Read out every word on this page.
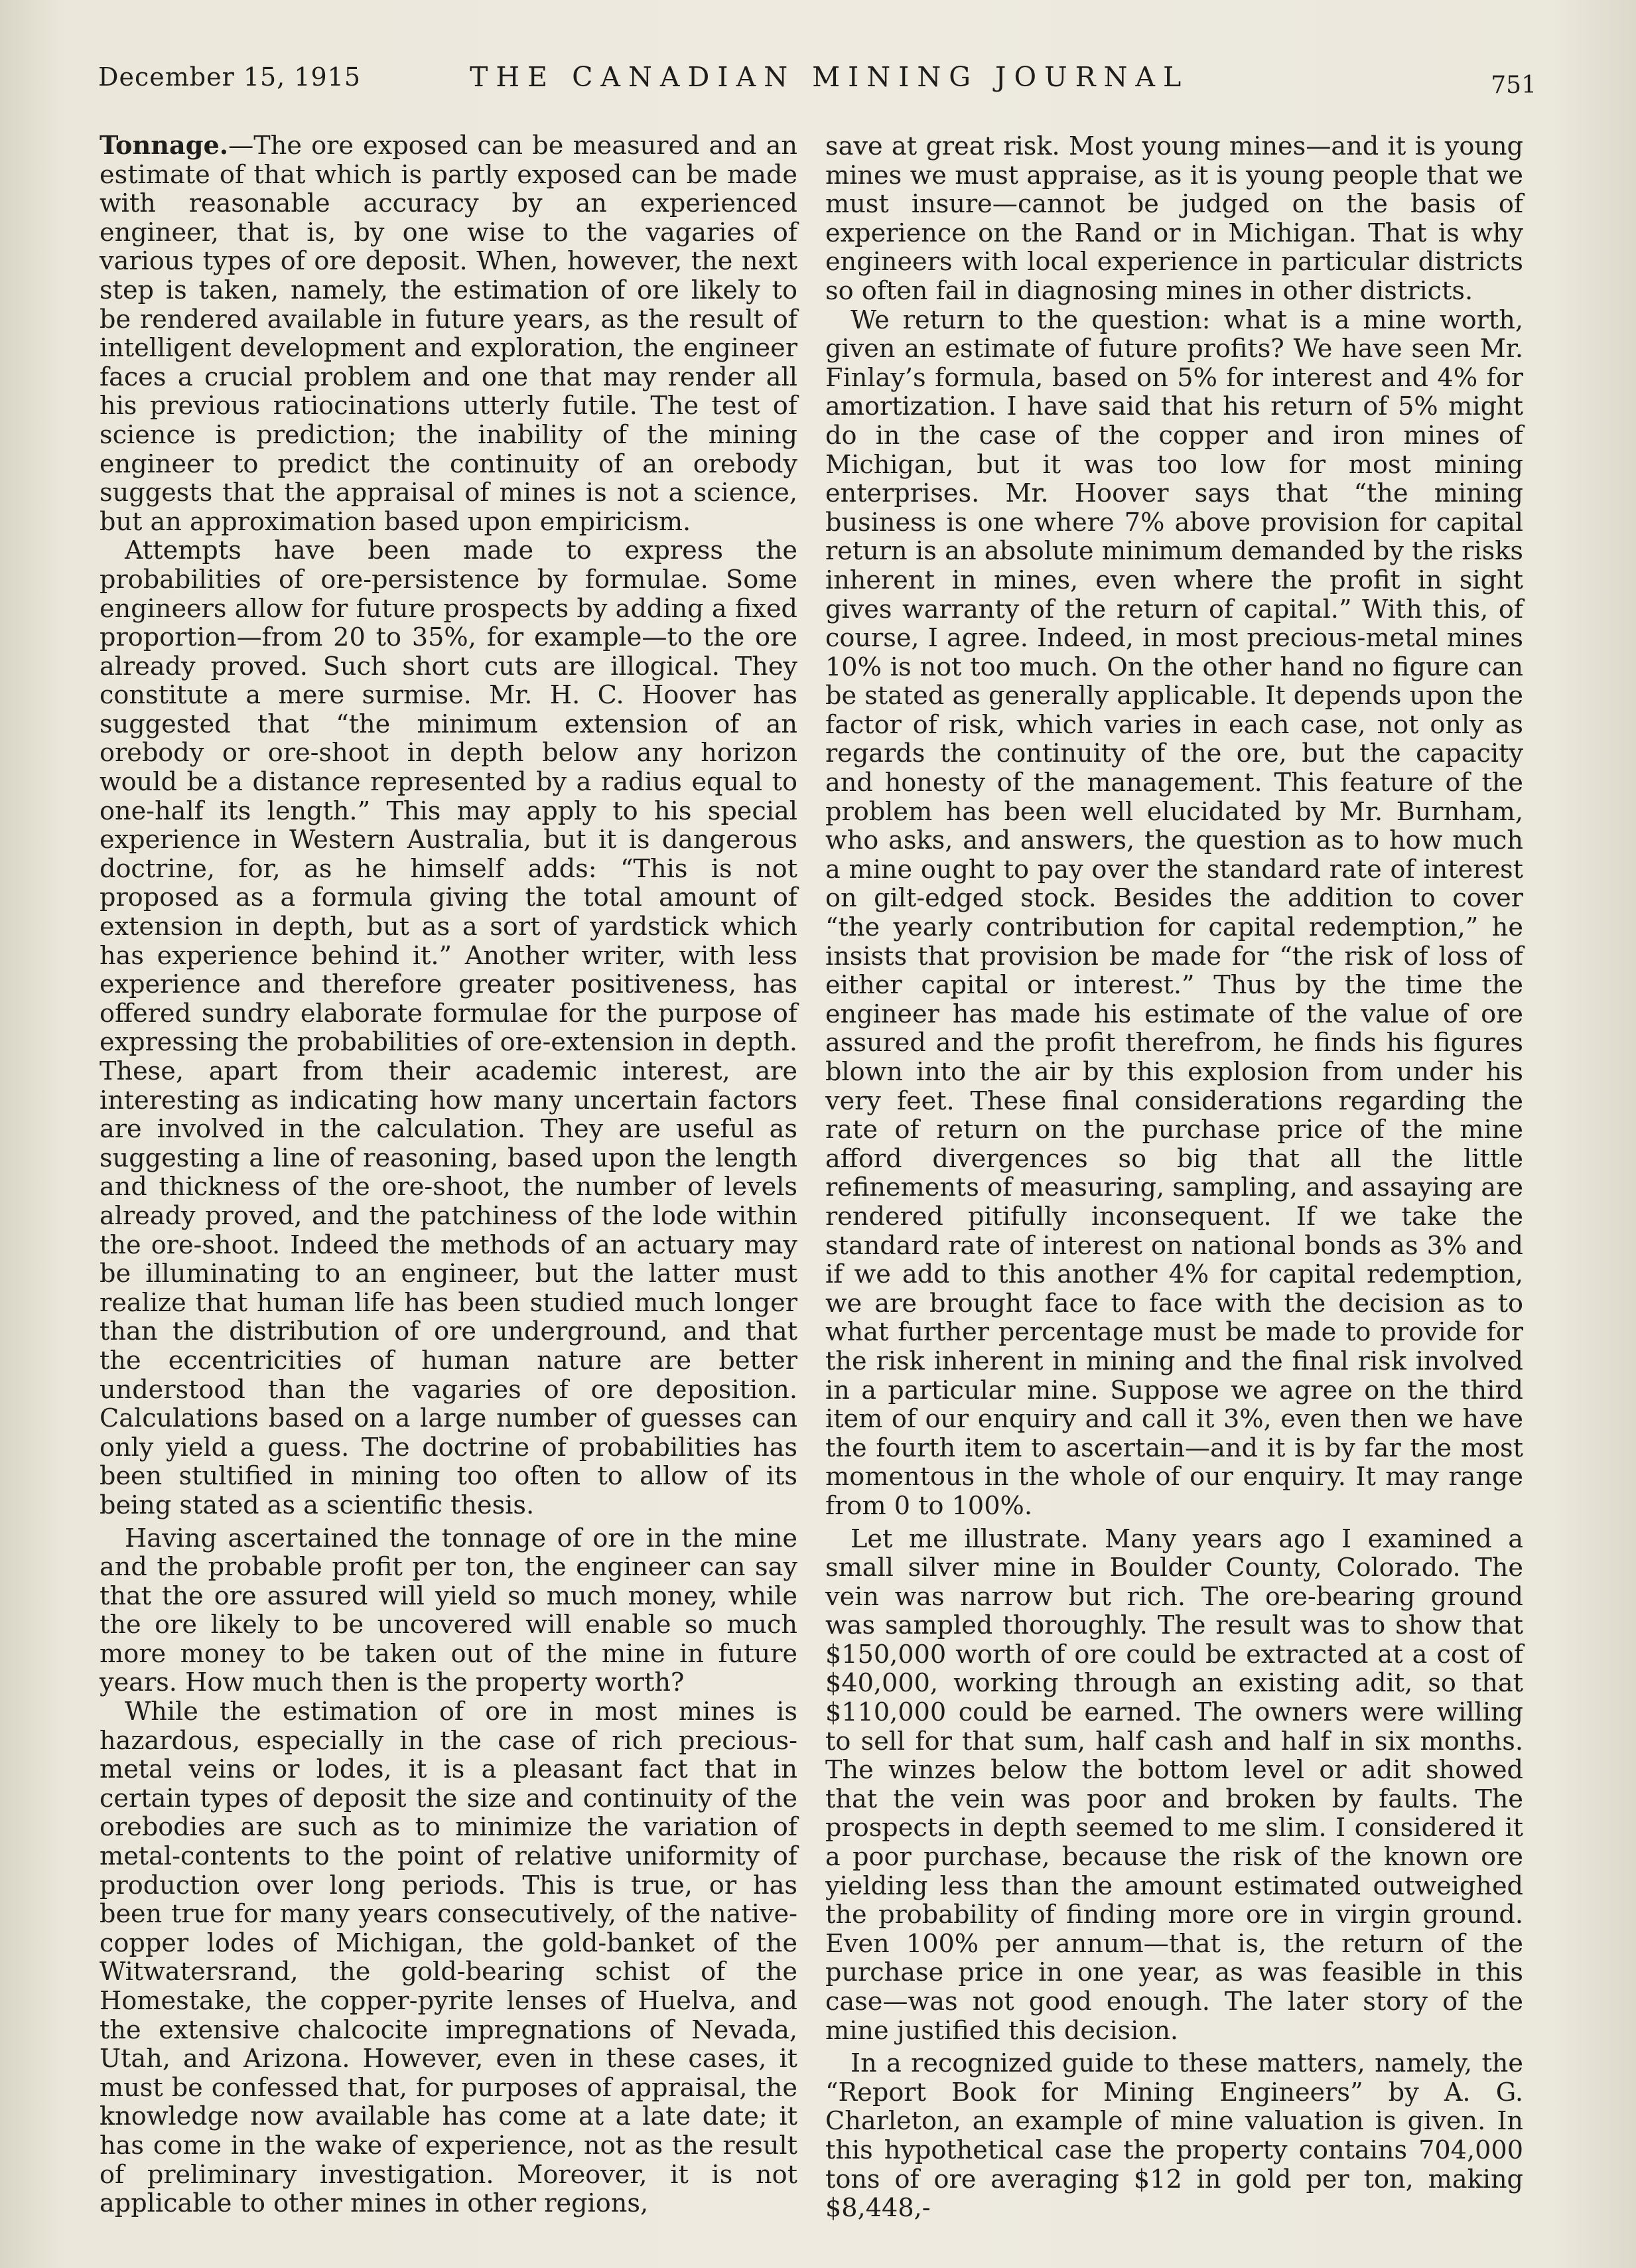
December 15, 1915	THE CANADIAN MINING JOURNAL	751

Tonnage.—The ore exposed can be measured and an estimate of that which is partly exposed can be made with reasonable accuracy by an experienced engineer, that is, by one wise to the vagaries of various types of ore deposit. When, however, the next step is taken, namely, the estimation of ore likely to be rendered available in future years, as the result of intelligent development and exploration, the engineer faces a crucial problem and one that may render all his previous ratiocinations utterly futile. The test of science is prediction; the inability of the mining engineer to predict the continuity of an orebody suggests that the appraisal of mines is not a science, but an approximation based upon empiricism.

Attempts have been made to express the probabilities of ore-persistence by formulae. Some engineers allow for future prospects by adding a fixed proportion—from 20 to 35%, for example—to the ore already proved. Such short cuts are illogical. They constitute a mere surmise. Mr. H. C. Hoover has suggested that “the minimum extension of an orebody or ore-shoot in depth below any horizon would be a distance represented by a radius equal to one-half its length.” This may apply to his special experience in Western Australia, but it is dangerous doctrine, for, as he himself adds: “This is not proposed as a formula giving the total amount of extension in depth, but as a sort of yardstick which has experience behind it.” Another writer, with less experience and therefore greater positiveness, has offered sundry elaborate formulae for the purpose of expressing the probabilities of ore-extension in depth. These, apart from their academic interest, are interesting as indicating how many uncertain factors are involved in the calculation. They are useful as suggesting a line of reasoning, based upon the length and thickness of the ore-shoot, the number of levels already proved, and the patchiness of the lode within the ore-shoot. Indeed the methods of an actuary may be illuminating to an engineer, but the latter must realize that human life has been studied much longer than the distribution of ore underground, and that the eccentricities of human nature are better understood than the vagaries of ore deposition. Calculations based on a large number of guesses can only yield a guess. The doctrine of probabilities has been stultified in mining too often to allow of its being stated as a scientific thesis.

Having ascertained the tonnage of ore in the mine and the probable profit per ton, the engineer can say that the ore assured will yield so much money, while the ore likely to be uncovered will enable so much more money to be taken out of the mine in future years. How much then is the property worth?

While the estimation of ore in most mines is hazardous, especially in the case of rich precious-metal veins or lodes, it is a pleasant fact that in certain types of deposit the size and continuity of the orebodies are such as to minimize the variation of metal-contents to the point of relative uniformity of production over long periods. This is true, or has been true for many years consecutively, of the native-copper lodes of Michigan, the gold-banket of the Witwatersrand, the gold-bearing schist of the Homestake, the copper-pyrite lenses of Huelva, and the extensive chalcocite impregnations of Nevada, Utah, and Arizona. However, even in these cases, it must be confessed that, for purposes of appraisal, the knowledge now available has come at a late date; it has come in the wake of experience, not as the result of preliminary investigation. Moreover, it is not applicable to other mines in other regions,

save at great risk. Most young mines—and it is young mines we must appraise, as it is young people that we must insure—cannot be judged on the basis of experience on the Rand or in Michigan. That is why engineers with local experience in particular districts so often fail in diagnosing mines in other districts.

We return to the question: what is a mine worth, given an estimate of future profits? We have seen Mr. Finlay’s formula, based on 5% for interest and 4% for amortization. I have said that his return of 5% might do in the case of the copper and iron mines of Michigan, but it was too low for most mining enterprises. Mr. Hoover says that “the mining business is one where 7% above provision for capital return is an absolute minimum demanded by the risks inherent in mines, even where the profit in sight gives warranty of the return of capital.” With this, of course, I agree. Indeed, in most precious-metal mines 10% is not too much. On the other hand no figure can be stated as generally applicable. It depends upon the factor of risk, which varies in each case, not only as regards the continuity of the ore, but the capacity and honesty of the management. This feature of the problem has been well elucidated by Mr. Burnham, who asks, and answers, the question as to how much a mine ought to pay over the standard rate of interest on gilt-edged stock. Besides the addition to cover “the yearly contribution for capital redemption,” he insists that provision be made for “the risk of loss of either capital or interest.” Thus by the time the engineer has made his estimate of the value of ore assured and the profit therefrom, he finds his figures blown into the air by this explosion from under his very feet. These final considerations regarding the rate of return on the purchase price of the mine afford divergences so big that all the little refinements of measuring, sampling, and assaying are rendered pitifully inconsequent. If we take the standard rate of interest on national bonds as 3% and if we add to this another 4% for capital redemption, we are brought face to face with the decision as to what further percentage must be made to provide for the risk inherent in mining and the final risk involved in a particular mine. Suppose we agree on the third item of our enquiry and call it 3%, even then we have the fourth item to ascertain—and it is by far the most momentous in the whole of our enquiry. It may range from 0 to 100%.

Let me illustrate. Many years ago I examined a small silver mine in Boulder County, Colorado. The vein was narrow but rich. The ore-bearing ground was sampled thoroughly. The result was to show that $150,000 worth of ore could be extracted at a cost of $40,000, working through an existing adit, so that $110,000 could be earned. The owners were willing to sell for that sum, half cash and half in six months. The winzes below the bottom level or adit showed that the vein was poor and broken by faults. The prospects in depth seemed to me slim. I considered it a poor purchase, because the risk of the known ore yielding less than the amount estimated outweighed the probability of finding more ore in virgin ground. Even 100% per annum—that is, the return of the purchase price in one year, as was feasible in this case—was not good enough. The later story of the mine justified this decision.

In a recognized guide to these matters, namely, the “Report Book for Mining Engineers” by A. G. Charleton, an example of mine valuation is given. In this hypothetical case the property contains 704,000 tons of ore averaging $12 in gold per ton, making $8,448,-
